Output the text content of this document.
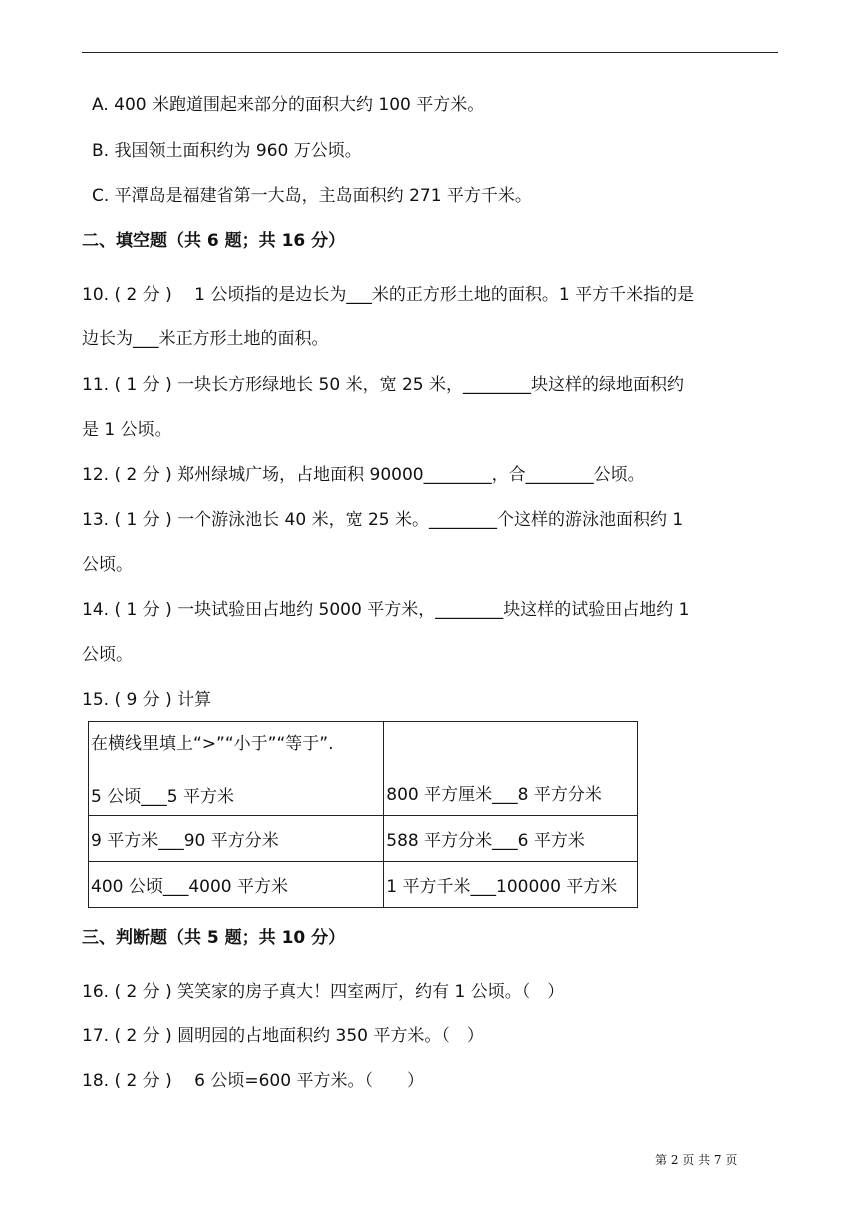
A. 400 米跑道围起来部分的面积大约 100 平方米。
B. 我国领土面积约为 960 万公顷。
C. 平潭岛是福建省第一大岛，主岛面积约 271 平方千米。
二、填空题（共 6 题；共 16 分）
10. ( 2 分 ) 　1 公顷指的是边长为___米的正方形土地的面积。1 平方千米指的是
边长为___米正方形土地的面积。
11. ( 1 分 ) 一块长方形绿地长 50 米，宽 25 米，________块这样的绿地面积约
是 1 公顷。
12. ( 2 分 ) 郑州绿城广场，占地面积 90000________，合________公顷。
13. ( 1 分 ) 一个游泳池长 40 米，宽 25 米。________个这样的游泳池面积约 1
公顷。
14. ( 1 分 ) 一块试验田占地约 5000 平方米，________块这样的试验田占地约 1
公顷。
15. ( 9 分 ) 计算
在横线里填上“>”“小于”“等于”.
5 公顷___5 平方米	800 平方厘米___8 平方分米
9 平方米___90 平方分米	588 平方分米___6 平方米
400 公顷___4000 平方米	1 平方千米___100000 平方米
三、判断题（共 5 题；共 10 分）
16. ( 2 分 ) 笑笑家的房子真大！四室两厅，约有 1 公顷。（　）
17. ( 2 分 ) 圆明园的占地面积约 350 平方米。（　）
18. ( 2 分 ) 　6 公顷=600 平方米。（　　）
第 2 页 共 7 页
